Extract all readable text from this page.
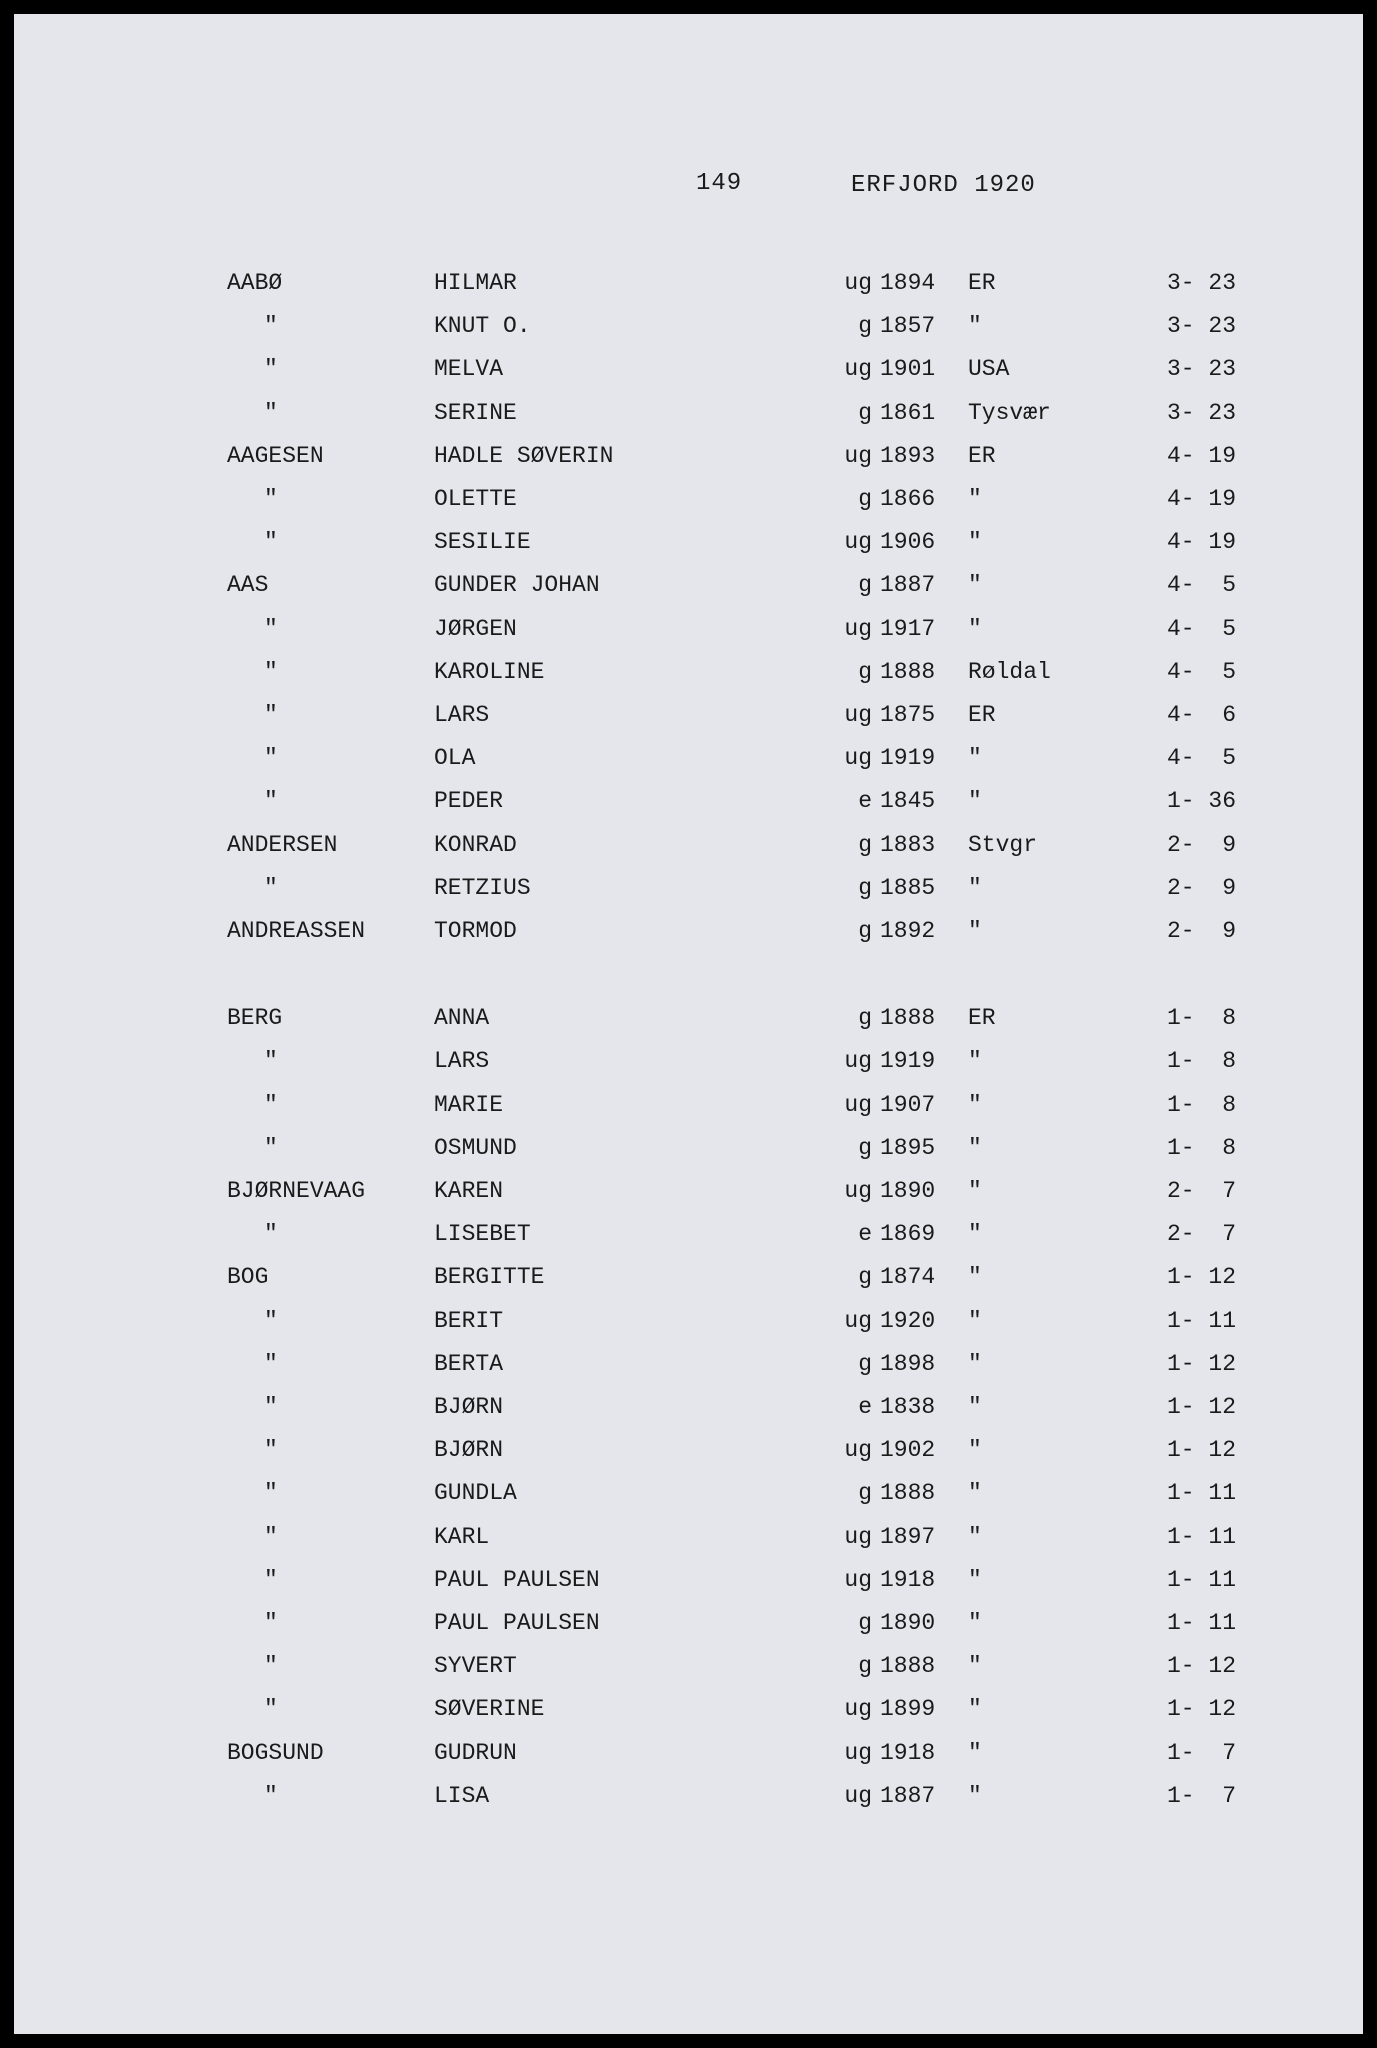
149	ERFJORD 1920
AABØ	HILMAR	ug 1894 ER	3- 23
"	KNUT O.	g 1857 "	3- 23
"	MELVA	ug 1901 USA	3- 23
"	SERINE	g 1861 Tysvær	3- 23
AAGESEN	HADLE SØVERIN	ug 1893 ER	4- 19
"	OLETTE	g 1866 "	4- 19
"	SESILIE	ug 1906 "	4- 19
AAS	GUNDER JOHAN	g 1887 "	4-  5
"	JØRGEN	ug 1917 "	4-  5
"	KAROLINE	g 1888 Røldal	4-  5
"	LARS	ug 1875 ER	4-  6
"	OLA	ug 1919 "	4-  5
"	PEDER	e 1845 "	1- 36
ANDERSEN	KONRAD	g 1883 Stvgr	2-  9
"	RETZIUS	g 1885 "	2-  9
ANDREASSEN	TORMOD	g 1892 "	2-  9
BERG	ANNA	g 1888 ER	1-  8
"	LARS	ug 1919 "	1-  8
"	MARIE	ug 1907 "	1-  8
"	OSMUND	g 1895 "	1-  8
BJØRNEVAAG	KAREN	ug 1890 "	2-  7
"	LISEBET	e 1869 "	2-  7
BOG	BERGITTE	g 1874 "	1- 12
"	BERIT	ug 1920 "	1- 11
"	BERTA	g 1898 "	1- 12
"	BJØRN	e 1838 "	1- 12
"	BJØRN	ug 1902 "	1- 12
"	GUNDLA	g 1888 "	1- 11
"	KARL	ug 1897 "	1- 11
"	PAUL PAULSEN	ug 1918 "	1- 11
"	PAUL PAULSEN	g 1890 "	1- 11
"	SYVERT	g 1888 "	1- 12
"	SØVERINE	ug 1899 "	1- 12
BOGSUND	GUDRUN	ug 1918 "	1-  7
"	LISA	ug 1887 "	1-  7
